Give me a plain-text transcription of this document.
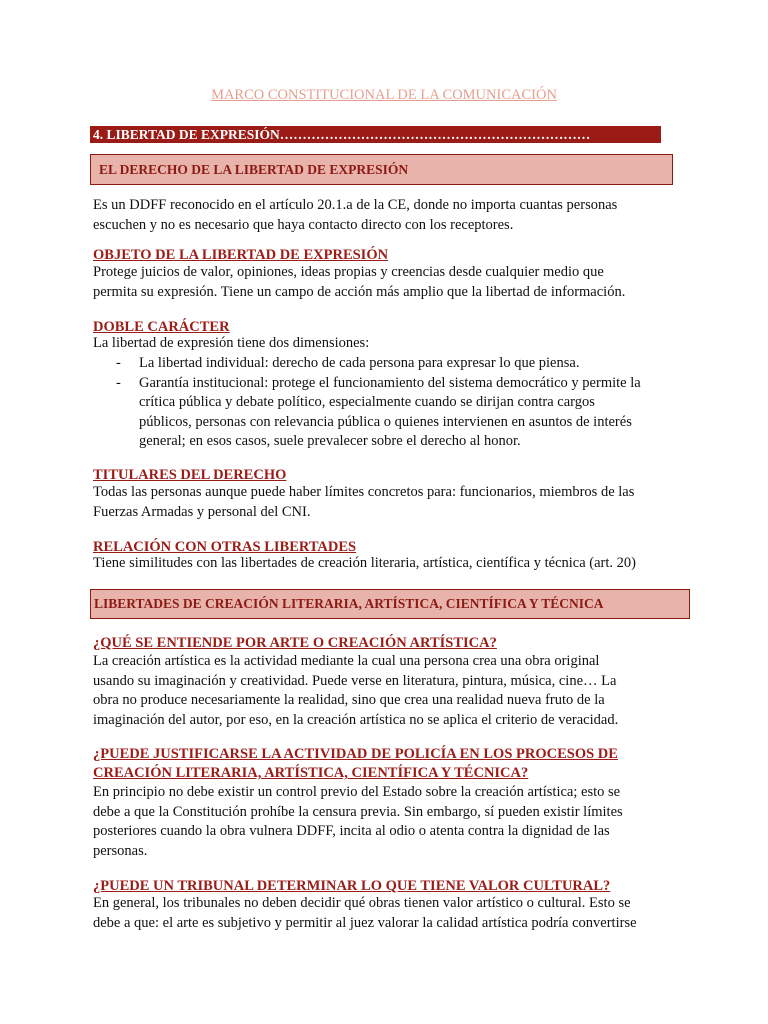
MARCO CONSTITUCIONAL DE LA COMUNICACIÓN
4. LIBERTAD DE EXPRESIÓN……………………………………………………………
EL DERECHO DE LA LIBERTAD DE EXPRESIÓN
Es un DDFF reconocido en el artículo 20.1.a de la CE, donde no importa cuantas personas
escuchen y no es necesario que haya contacto directo con los receptores.
OBJETO DE LA LIBERTAD DE EXPRESIÓN
Protege juicios de valor, opiniones, ideas propias y creencias desde cualquier medio que
permita su expresión. Tiene un campo de acción más amplio que la libertad de información.
DOBLE CARÁCTER
La libertad de expresión tiene dos dimensiones:
-	La libertad individual: derecho de cada persona para expresar lo que piensa.
-	Garantía institucional: protege el funcionamiento del sistema democrático y permite la
crítica pública y debate político, especialmente cuando se dirijan contra cargos
públicos, personas con relevancia pública o quienes intervienen en asuntos de interés
general; en esos casos, suele prevalecer sobre el derecho al honor.
TITULARES DEL DERECHO
Todas las personas aunque puede haber límites concretos para: funcionarios, miembros de las
Fuerzas Armadas y personal del CNI.
RELACIÓN CON OTRAS LIBERTADES
Tiene similitudes con las libertades de creación literaria, artística, científica y técnica (art. 20)
LIBERTADES DE CREACIÓN LITERARIA, ARTÍSTICA, CIENTÍFICA Y TÉCNICA
¿QUÉ SE ENTIENDE POR ARTE O CREACIÓN ARTÍSTICA?
La creación artística es la actividad mediante la cual una persona crea una obra original
usando su imaginación y creatividad. Puede verse en literatura, pintura, música, cine… La
obra no produce necesariamente la realidad, sino que crea una realidad nueva fruto de la
imaginación del autor, por eso, en la creación artística no se aplica el criterio de veracidad.
¿PUEDE JUSTIFICARSE LA ACTIVIDAD DE POLICÍA EN LOS PROCESOS DE
CREACIÓN LITERARIA, ARTÍSTICA, CIENTÍFICA Y TÉCNICA?
En principio no debe existir un control previo del Estado sobre la creación artística; esto se
debe a que la Constitución prohíbe la censura previa. Sin embargo, sí pueden existir límites
posteriores cuando la obra vulnera DDFF, incita al odio o atenta contra la dignidad de las
personas.
¿PUEDE UN TRIBUNAL DETERMINAR LO QUE TIENE VALOR CULTURAL?
En general, los tribunales no deben decidir qué obras tienen valor artístico o cultural. Esto se
debe a que: el arte es subjetivo y permitir al juez valorar la calidad artística podría convertirse
